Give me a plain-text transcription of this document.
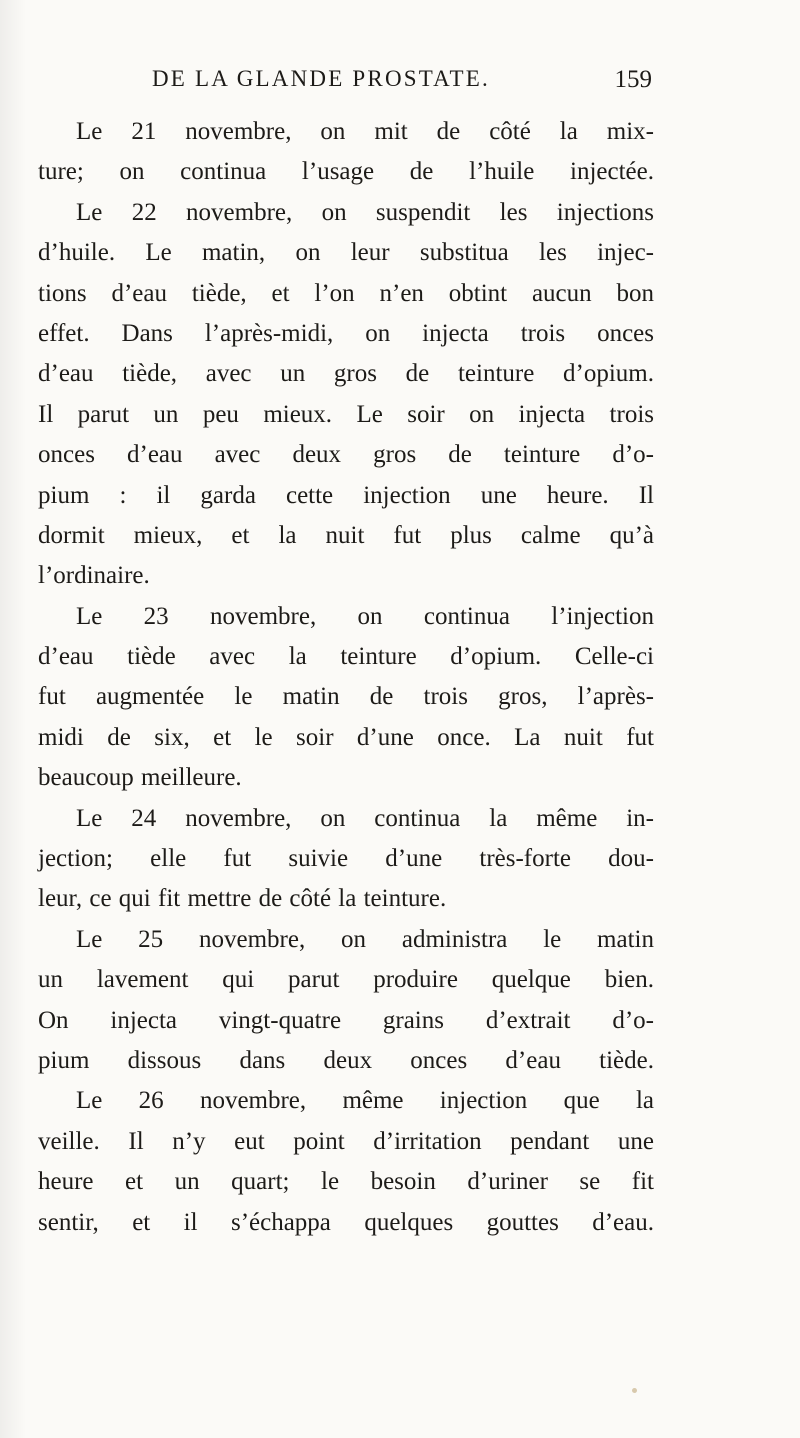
DE LA GLANDE PROSTATE.	159
Le 21 novembre, on mit de côté la mix-
ture; on continua l’usage de l’huile injectée.
Le 22 novembre, on suspendit les injections
d’huile. Le matin, on leur substitua les injec-
tions d’eau tiède, et l’on n’en obtint aucun bon
effet. Dans l’après-midi, on injecta trois onces
d’eau tiède, avec un gros de teinture d’opium.
Il parut un peu mieux. Le soir on injecta trois
onces d’eau avec deux gros de teinture d’o-
pium : il garda cette injection une heure. Il
dormit mieux, et la nuit fut plus calme qu’à
l’ordinaire.
Le 23 novembre, on continua l’injection
d’eau tiède avec la teinture d’opium. Celle-ci
fut augmentée le matin de trois gros, l’après-
midi de six, et le soir d’une once. La nuit fut
beaucoup meilleure.
Le 24 novembre, on continua la même in-
jection; elle fut suivie d’une très-forte dou-
leur, ce qui fit mettre de côté la teinture.
Le 25 novembre, on administra le matin
un lavement qui parut produire quelque bien.
On injecta vingt-quatre grains d’extrait d’o-
pium dissous dans deux onces d’eau tiède.
Le 26 novembre, même injection que la
veille. Il n’y eut point d’irritation pendant une
heure et un quart; le besoin d’uriner se fit
sentir, et il s’échappa quelques gouttes d’eau.
